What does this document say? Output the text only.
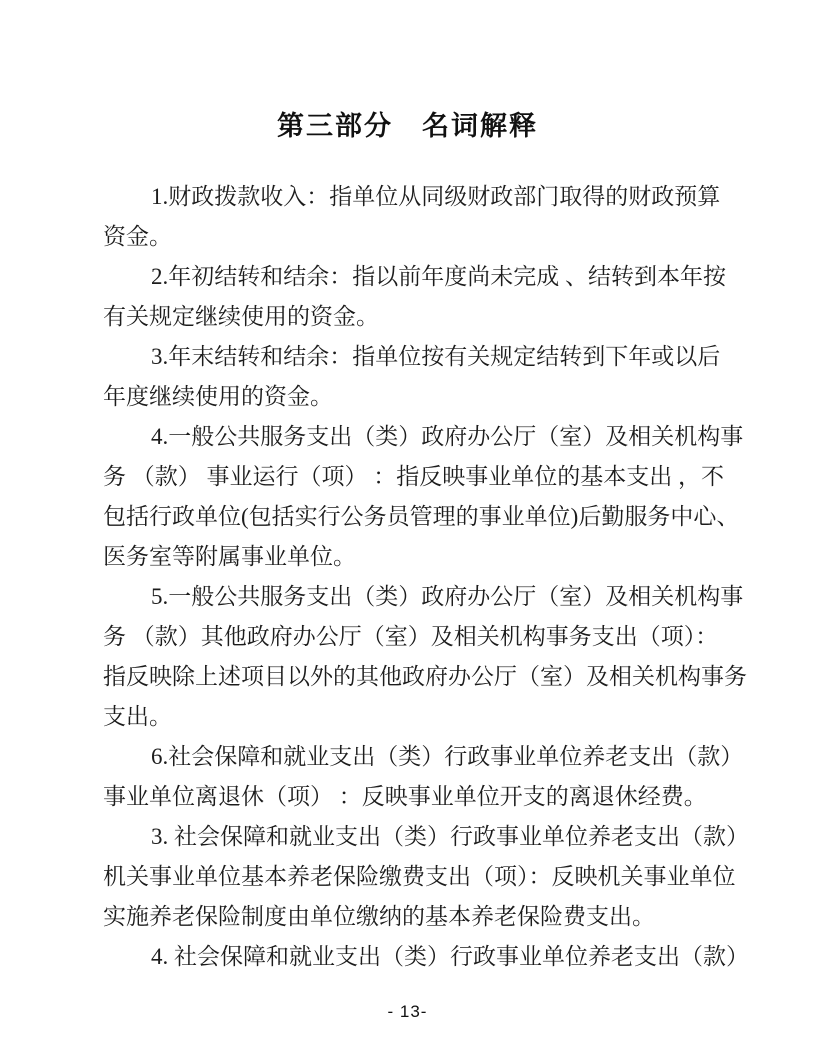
第三部分　名词解释
1.财政拨款收入：指单位从同级财政部门取得的财政预算
资金。
2.年初结转和结余：指以前年度尚未完成 、结转到本年按
有关规定继续使用的资金。
3.年末结转和结余：指单位按有关规定结转到下年或以后
年度继续使用的资金。
4.一般公共服务支出（类）政府办公厅（室）及相关机构事
务 （款） 事业运行（项） ：指反映事业单位的基本支出 ，不
包括行政单位(包括实行公务员管理的事业单位)后勤服务中心、
医务室等附属事业单位。
5.一般公共服务支出（类）政府办公厅（室）及相关机构事
务 （款）其他政府办公厅（室）及相关机构事务支出（项）：
指反映除上述项目以外的其他政府办公厅（室）及相关机构事务
支出。
6.社会保障和就业支出（类）行政事业单位养老支出（款）
事业单位离退休（项） ：反映事业单位开支的离退休经费。
3. 社会保障和就业支出（类）行政事业单位养老支出（款）
机关事业单位基本养老保险缴费支出（项）：反映机关事业单位
实施养老保险制度由单位缴纳的基本养老保险费支出。
4. 社会保障和就业支出（类）行政事业单位养老支出（款）
- 13-
